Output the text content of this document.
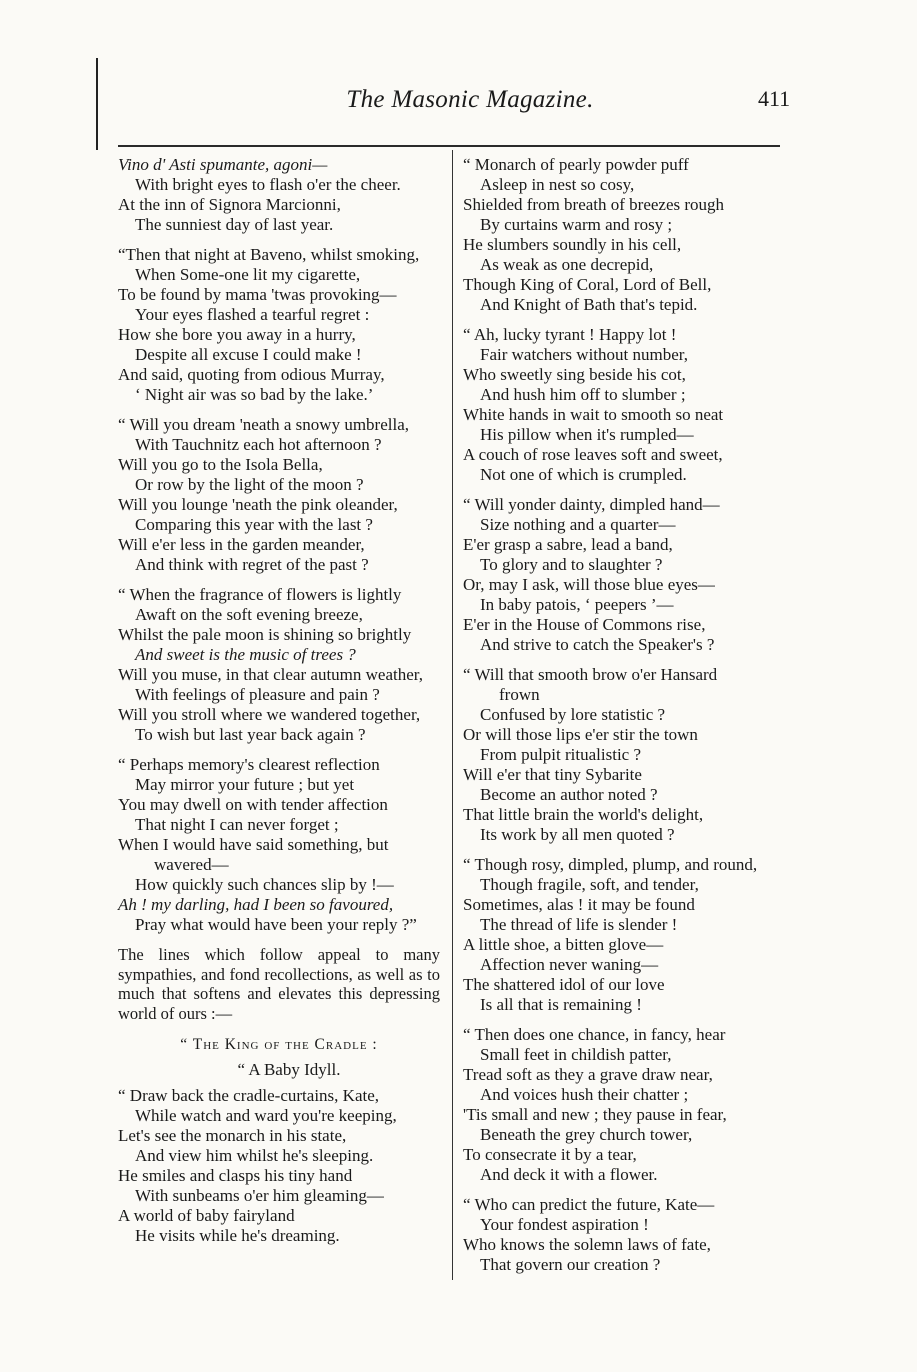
The Masonic Magazine.	411
Vino d' Asti spumante, agoni—
With bright eyes to flash o'er the cheer.
At the inn of Signora Marcionni,
The sunniest day of last year.
“Then that night at Baveno, whilst smoking,
When Some-one lit my cigarette,
To be found by mama 'twas provoking—
Your eyes flashed a tearful regret :
How she bore you away in a hurry,
Despite all excuse I could make !
And said, quoting from odious Murray,
‘ Night air was so bad by the lake.’
“ Will you dream 'neath a snowy umbrella,
With Tauchnitz each hot afternoon ?
Will you go to the Isola Bella,
Or row by the light of the moon ?
Will you lounge 'neath the pink oleander,
Comparing this year with the last ?
Will e'er less in the garden meander,
And think with regret of the past ?
“ When the fragrance of flowers is lightly
Awaft on the soft evening breeze,
Whilst the pale moon is shining so brightly
And sweet is the music of trees ?
Will you muse, in that clear autumn weather,
With feelings of pleasure and pain ?
Will you stroll where we wandered together,
To wish but last year back again ?
“ Perhaps memory's clearest reflection
May mirror your future ; but yet
You may dwell on with tender affection
That night I can never forget ;
When I would have said something, but
wavered—
How quickly such chances slip by !—
Ah ! my darling, had I been so favoured,
Pray what would have been your reply ?”
The lines which follow appeal to many sympathies, and fond recollections, as well as to much that softens and elevates this depressing world of ours :—
“ The King of the Cradle :
“ A Baby Idyll.
“ Draw back the cradle-curtains, Kate,
While watch and ward you're keeping,
Let's see the monarch in his state,
And view him whilst he's sleeping.
He smiles and clasps his tiny hand
With sunbeams o'er him gleaming—
A world of baby fairyland
He visits while he's dreaming.
“ Monarch of pearly powder puff
Asleep in nest so cosy,
Shielded from breath of breezes rough
By curtains warm and rosy ;
He slumbers soundly in his cell,
As weak as one decrepid,
Though King of Coral, Lord of Bell,
And Knight of Bath that's tepid.
“ Ah, lucky tyrant ! Happy lot !
Fair watchers without number,
Who sweetly sing beside his cot,
And hush him off to slumber ;
White hands in wait to smooth so neat
His pillow when it's rumpled—
A couch of rose leaves soft and sweet,
Not one of which is crumpled.
“ Will yonder dainty, dimpled hand—
Size nothing and a quarter—
E'er grasp a sabre, lead a band,
To glory and to slaughter ?
Or, may I ask, will those blue eyes—
In baby patois, ‘ peepers ’—
E'er in the House of Commons rise,
And strive to catch the Speaker's ?
“ Will that smooth brow o'er Hansard
frown
Confused by lore statistic ?
Or will those lips e'er stir the town
From pulpit ritualistic ?
Will e'er that tiny Sybarite
Become an author noted ?
That little brain the world's delight,
Its work by all men quoted ?
“ Though rosy, dimpled, plump, and round,
Though fragile, soft, and tender,
Sometimes, alas ! it may be found
The thread of life is slender !
A little shoe, a bitten glove—
Affection never waning—
The shattered idol of our love
Is all that is remaining !
“ Then does one chance, in fancy, hear
Small feet in childish patter,
Tread soft as they a grave draw near,
And voices hush their chatter ;
'Tis small and new ; they pause in fear,
Beneath the grey church tower,
To consecrate it by a tear,
And deck it with a flower.
“ Who can predict the future, Kate—
Your fondest aspiration !
Who knows the solemn laws of fate,
That govern our creation ?
